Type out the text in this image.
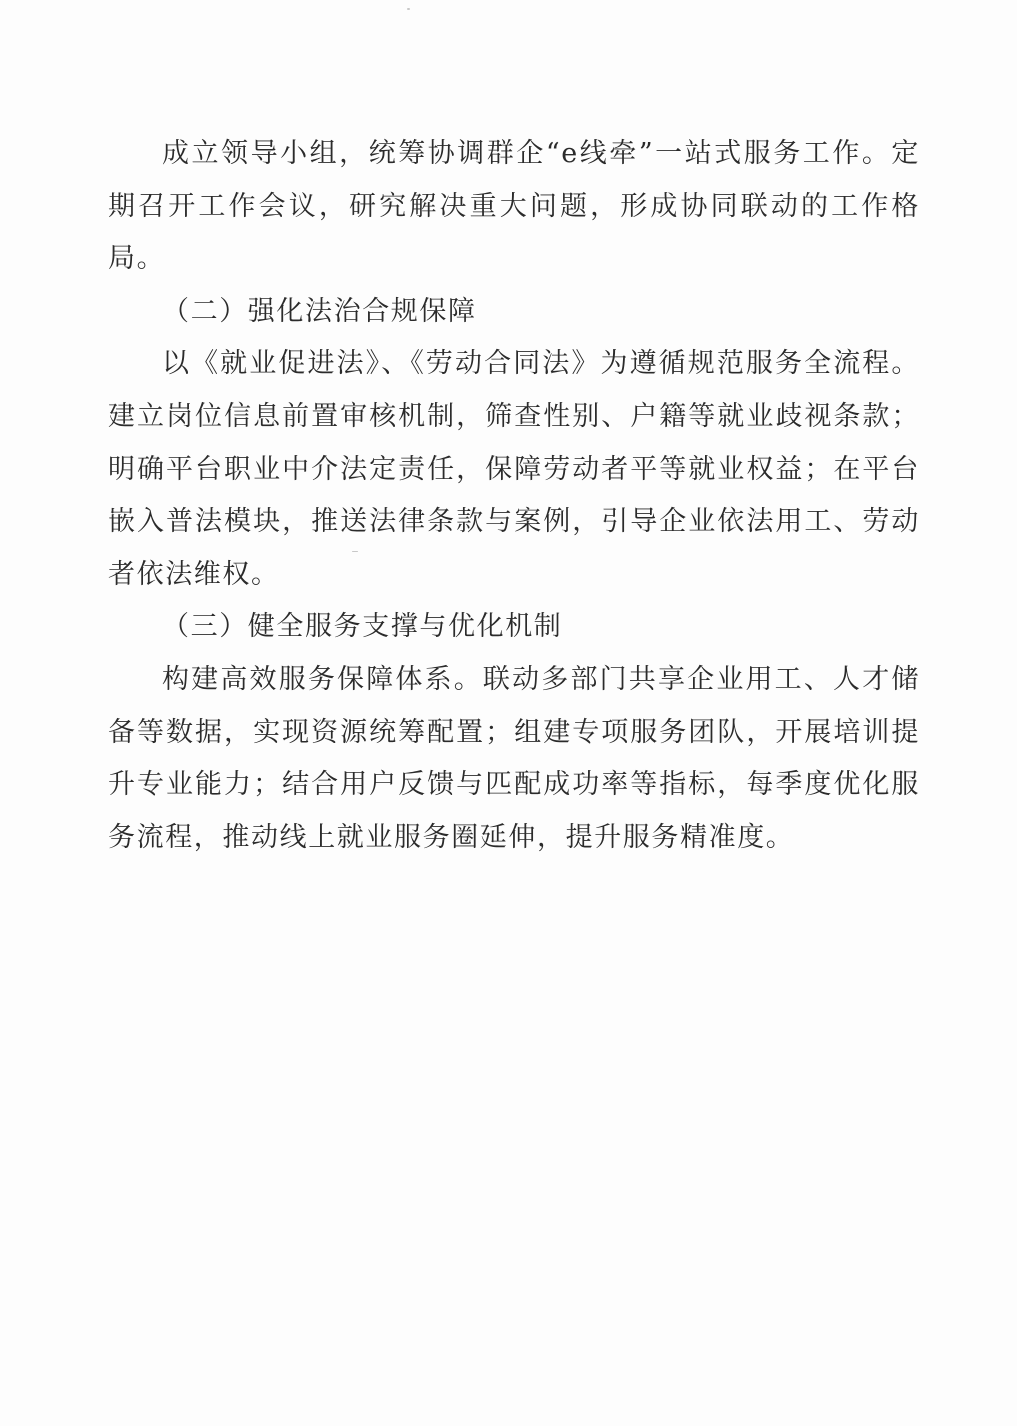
成立领导小组，统筹协调群企“e线牵”一站式服务工作。定期召开工作会议，研究解决重大问题，形成协同联动的工作格局。

（二）强化法治合规保障

以《就业促进法》、《劳动合同法》为遵循规范服务全流程。建立岗位信息前置审核机制，筛查性别、户籍等就业歧视条款；明确平台职业中介法定责任，保障劳动者平等就业权益；在平台嵌入普法模块，推送法律条款与案例，引导企业依法用工、劳动者依法维权。

（三）健全服务支撑与优化机制

构建高效服务保障体系。联动多部门共享企业用工、人才储备等数据，实现资源统筹配置；组建专项服务团队，开展培训提升专业能力；结合用户反馈与匹配成功率等指标，每季度优化服务流程，推动线上就业服务圈延伸，提升服务精准度。
